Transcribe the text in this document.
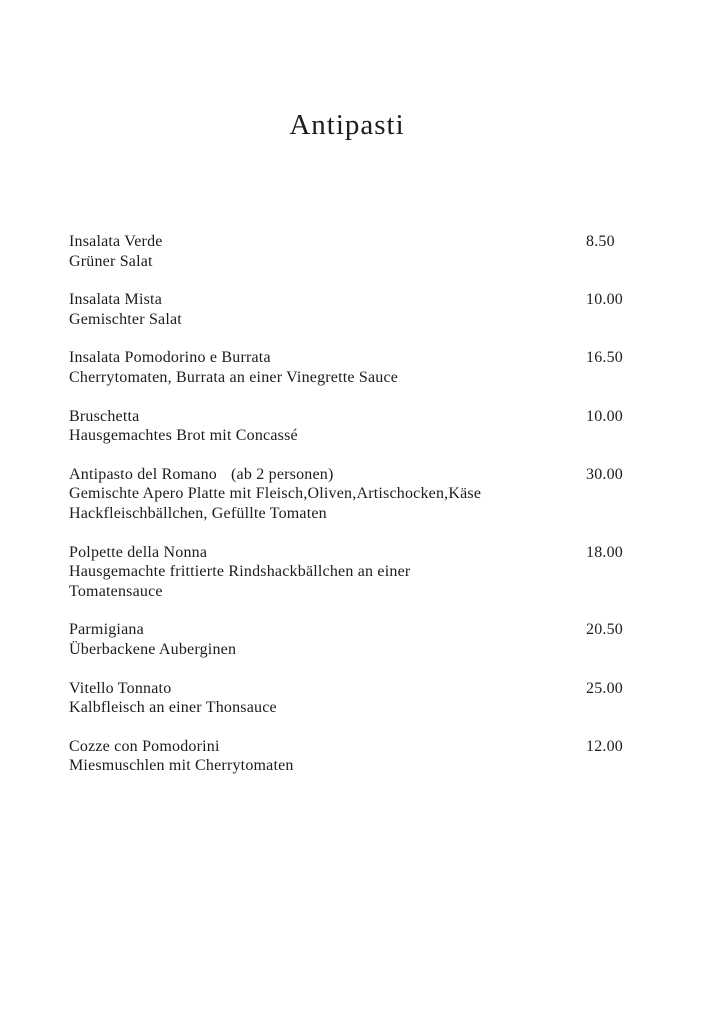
Antipasti
Insalata Verde
Grüner Salat
8.50
Insalata Mista
Gemischter Salat
10.00
Insalata Pomodorino e Burrata
Cherrytomaten, Burrata an einer Vinegrette Sauce
16.50
Bruschetta
Hausgemachtes Brot mit Concassé
10.00
Antipasto del Romano (ab 2 personen)
Gemischte Apero Platte mit Fleisch,Oliven,Artischocken,Käse
Hackfleischbällchen, Gefüllte Tomaten
30.00
Polpette della Nonna
Hausgemachte frittierte Rindshackbällchen an einer
Tomatensauce
18.00
Parmigiana
Überbackene Auberginen
20.50
Vitello Tonnato
Kalbfleisch an einer Thonsauce
25.00
Cozze con Pomodorini
Miesmuschlen mit Cherrytomaten
12.00
